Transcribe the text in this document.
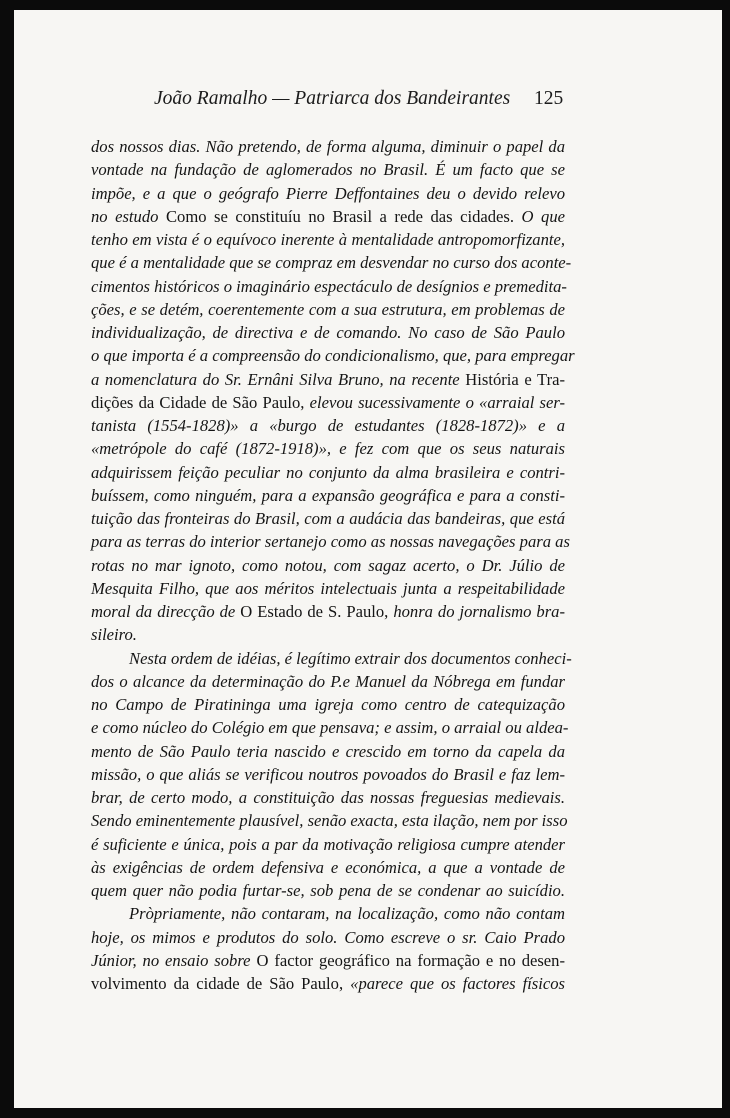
João Ramalho — Patriarca dos Bandeirantes 125
dos nossos dias. Não pretendo, de forma alguma, diminuir o papel da
vontade na fundação de aglomerados no Brasil. É um facto que se
impõe, e a que o geógrafo Pierre Deffontaines deu o devido relevo
no estudo Como se constituíu no Brasil a rede das cidades. O que
tenho em vista é o equívoco inerente à mentalidade antropomorfizante,
que é a mentalidade que se compraz em desvendar no curso dos aconte-
cimentos históricos o imaginário espectáculo de desígnios e premedita-
ções, e se detém, coerentemente com a sua estrutura, em problemas de
individualização, de directiva e de comando. No caso de São Paulo
o que importa é a compreensão do condicionalismo, que, para empregar
a nomenclatura do Sr. Ernâni Silva Bruno, na recente História e Tra-
dições da Cidade de São Paulo, elevou sucessivamente o «arraial ser-
tanista (1554-1828)» a «burgo de estudantes (1828-1872)» e a
«metrópole do café (1872-1918)», e fez com que os seus naturais
adquirissem feição peculiar no conjunto da alma brasileira e contri-
buíssem, como ninguém, para a expansão geográfica e para a consti-
tuição das fronteiras do Brasil, com a audácia das bandeiras, que está
para as terras do interior sertanejo como as nossas navegações para as
rotas no mar ignoto, como notou, com sagaz acerto, o Dr. Júlio de
Mesquita Filho, que aos méritos intelectuais junta a respeitabilidade
moral da direcção de O Estado de S. Paulo, honra do jornalismo bra-
sileiro.
Nesta ordem de idéias, é legítimo extrair dos documentos conheci-
dos o alcance da determinação do P.e Manuel da Nóbrega em fundar
no Campo de Piratininga uma igreja como centro de catequização
e como núcleo do Colégio em que pensava; e assim, o arraial ou aldea-
mento de São Paulo teria nascido e crescido em torno da capela da
missão, o que aliás se verificou noutros povoados do Brasil e faz lem-
brar, de certo modo, a constituição das nossas freguesias medievais.
Sendo eminentemente plausível, senão exacta, esta ilação, nem por isso
é suficiente e única, pois a par da motivação religiosa cumpre atender
às exigências de ordem defensiva e económica, a que a vontade de
quem quer não podia furtar-se, sob pena de se condenar ao suicídio.
Pròpriamente, não contaram, na localização, como não contam
hoje, os mimos e produtos do solo. Como escreve o sr. Caio Prado
Júnior, no ensaio sobre O factor geográfico na formação e no desen-
volvimento da cidade de São Paulo, «parece que os factores físicos
